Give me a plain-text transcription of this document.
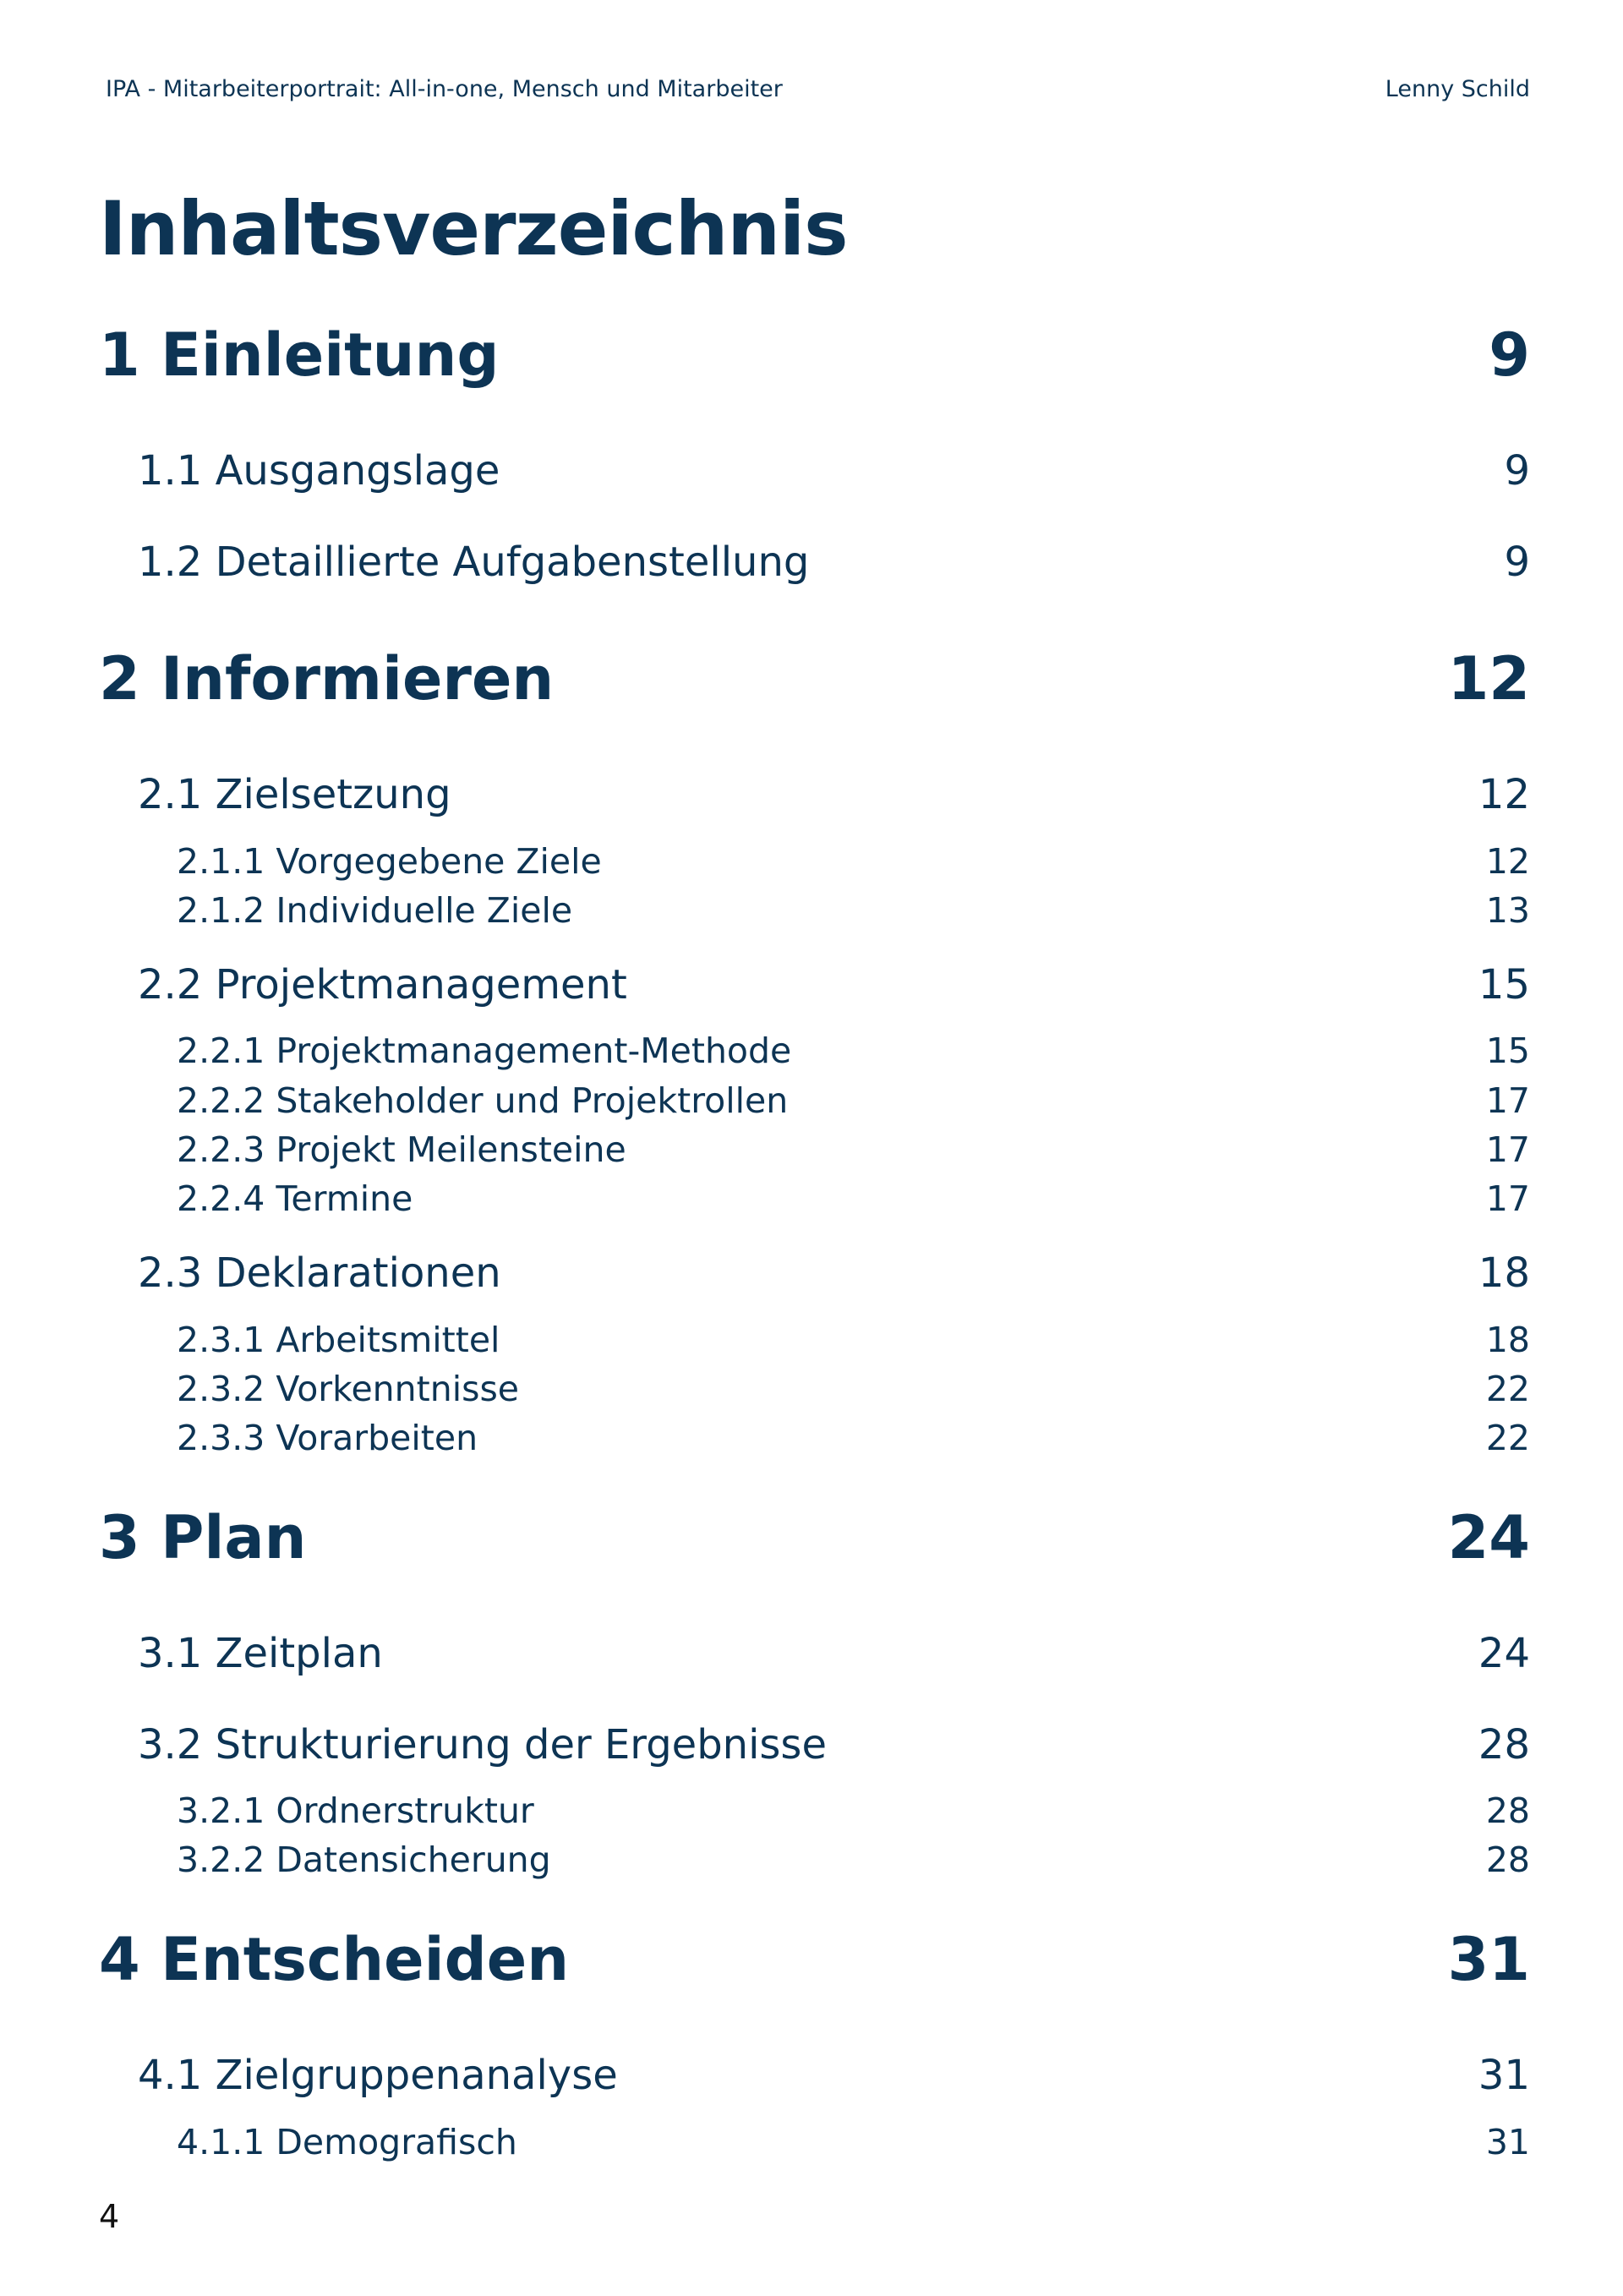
IPA - Mitarbeiterportrait: All-in-one, Mensch und Mitarbeiter	Lenny Schild
Inhaltsverzeichnis
1 Einleitung	9
1.1 Ausgangslage	9
1.2 Detaillierte Aufgabenstellung	9
2 Informieren	12
2.1 Zielsetzung	12
2.1.1 Vorgegebene Ziele	12
2.1.2 Individuelle Ziele	13
2.2 Projektmanagement	15
2.2.1 Projektmanagement-Methode	15
2.2.2 Stakeholder und Projektrollen	17
2.2.3 Projekt Meilensteine	17
2.2.4 Termine	17
2.3 Deklarationen	18
2.3.1 Arbeitsmittel	18
2.3.2 Vorkenntnisse	22
2.3.3 Vorarbeiten	22
3 Plan	24
3.1 Zeitplan	24
3.2 Strukturierung der Ergebnisse	28
3.2.1 Ordnerstruktur	28
3.2.2 Datensicherung	28
4 Entscheiden	31
4.1 Zielgruppenanalyse	31
4.1.1 Demografisch	31
4
